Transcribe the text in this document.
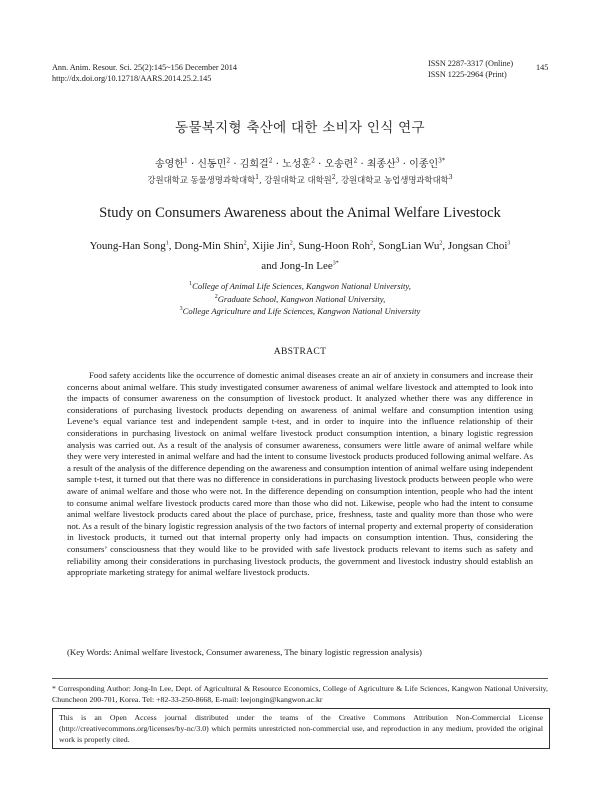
Ann. Anim. Resour. Sci. 25(2):145~156 December 2014
http://dx.doi.org/10.12718/AARS.2014.25.2.145
ISSN 2287-3317 (Online)
ISSN 1225-2964 (Print)
145
동물복지형 축산에 대한 소비자 인식 연구
송영한$^1$ · 신동민$^2$ · 김희걸$^2$ · 노성훈$^2$ · 오송련$^2$ · 최종산$^3$ · 이종인$^{3*}$
강원대학교 동물생명과학대학$^1$, 강원대학교 대학원$^2$, 강원대학교 농업생명과학대학$^3$
Study on Consumers Awareness about the Animal Welfare Livestock
Young-Han Song$^1$, Dong-Min Shin$^2$, Xijie Jin$^2$, Sung-Hoon Roh$^2$, SongLian Wu$^2$, Jongsan Choi$^3$
and Jong-In Lee$^{3*}$
$^1$College of Animal Life Sciences, Kangwon National University,
$^2$Graduate School, Kangwon National University,
$^3$College Agriculture and Life Sciences, Kangwon National University
ABSTRACT

Food safety accidents like the occurrence of domestic animal diseases create an air of anxiety in consumers and increase their concerns about animal welfare. This study investigated consumer awareness of animal welfare livestock and attempted to look into the impacts of consumer awareness on the consumption of livestock product. It analyzed whether there was any difference in considerations of purchasing livestock products depending on awareness of animal welfare and consumption intention using Levene’s equal variance test and independent sample t-test, and in order to inquire into the influence relationship of their considerations in purchasing livestock on animal welfare livestock product consumption intention, a binary logistic regression analysis was carried out. As a result of the analysis of consumer awareness, consumers were little aware of animal welfare while they were very interested in animal welfare and had the intent to consume livestock products produced following animal welfare. As a result of the analysis of the difference depending on the awareness and consumption intention of animal welfare using independent sample t-test, it turned out that there was no difference in considerations in purchasing livestock products between people who were aware of animal welfare and those who were not. In the difference depending on consumption intention, people who had the intent to consume animal welfare livestock products cared more than those who did not. Likewise, people who had the intent to consume animal welfare livestock products cared about the place of purchase, price, freshness, taste and quality more than those who were not. As a result of the binary logistic regression analysis of the two factors of internal property and external property of consideration in livestock products, it turned out that internal property only had impacts on consumption intention. Thus, considering the consumers’ consciousness that they would like to be provided with safe livestock products relevant to items such as safety and reliability among their considerations in purchasing livestock products, the government and livestock industry should establish an appropriate marketing strategy for animal welfare livestock products.

(Key Words: Animal welfare livestock, Consumer awareness, The binary logistic regression analysis)
* Corresponding Author: Jong-In Lee, Dept. of Agricultural & Resource Economics, College of Agriculture & Life Sciences, Kangwon National University, Chuncheon 200-701, Korea. Tel: +82-33-250-8668, E-mail: leejongin@kangwon.ac.kr
This is an Open Access journal distributed under the teams of the Creative Commons Attribution Non-Commercial License (http://creativecommons.org/licenses/by-nc/3.0) which permits unrestricted non-commercial use, and reproduction in any medium, provided the original work is properly cited.
